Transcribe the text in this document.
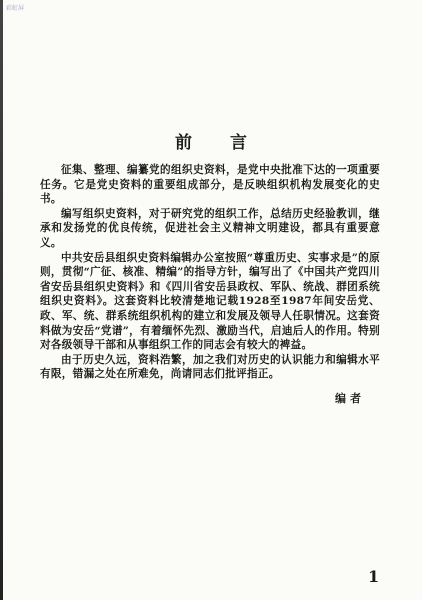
彩虹屏
前 言

征集、整理、编纂党的组织史资料，是党中央批准下达的一项重要任务。它是党史资料的重要组成部分，是反映组织机构发展变化的史书。

编写组织史资料，对于研究党的组织工作，总结历史经验教训，继承和发扬党的优良传统，促进社会主义精神文明建设，都具有重要意义。

中共安岳县组织史资料编辑办公室按照“尊重历史、实事求是”的原则，贯彻“广征、核准、精编”的指导方针，编写出了《中国共产党四川省安岳县组织史资料》和《四川省安岳县政权、军队、统战、群团系统组织史资料》。这套资料比较清楚地记载1928至1987年间安岳党、政、军、统、群系统组织机构的建立和发展及领导人任职情况。这套资料做为安岳“党谱”，有着缅怀先烈、激励当代，启迪后人的作用。特别对各级领导干部和从事组织工作的同志会有较大的裨益。

由于历史久远，资料浩繁，加之我们对历史的认识能力和编辑水平有限，错漏之处在所难免，尚请同志们批评指正。

编者
1
